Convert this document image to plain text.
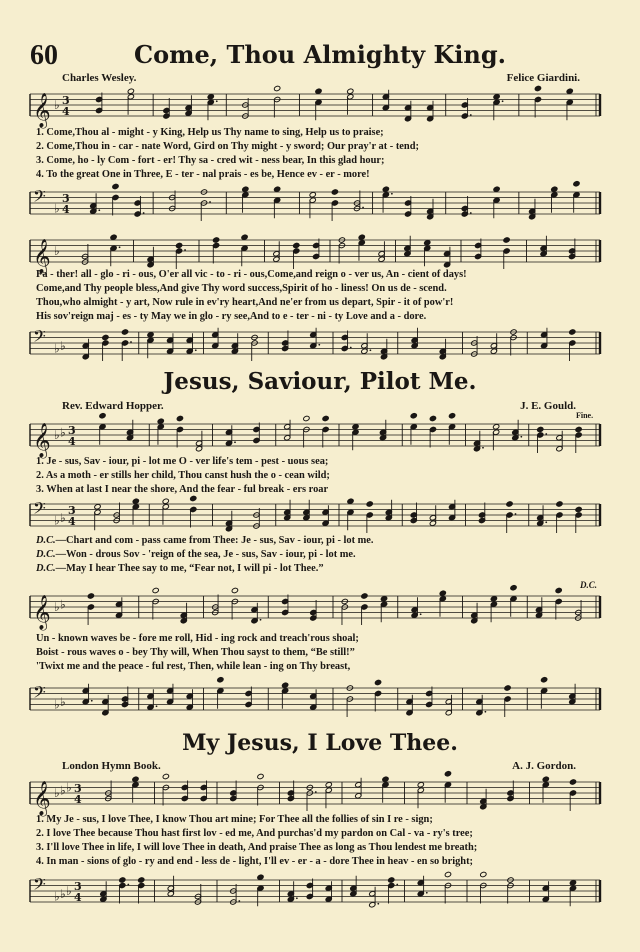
60	Come, Thou Almighty King.
Charles Wesley.	Felice Giardini.
𝄞 ♭ 3
4
1. Come,Thou al - might - y King, Help us Thy name to sing, Help us to praise;
2. Come,Thou in - car - nate Word, Gird on Thy might - y sword; Our pray'r at - tend;
3. Come, ho - ly Com - fort - er! Thy sa - cred wit - ness bear, In this glad hour;
4. To the great One in Three, E - ter - nal prais - es be, Hence ev - er - more!
𝄢 ♭
3
4
𝄞 ♭
Fa - ther! all - glo - ri - ous, O'er all vic - to - ri - ous,Come,and reign o - ver us, An - cient of days!
Come,and Thy people bless,And give Thy word success,Spirit of ho - liness! On us de - scend.
Thou,who almight - y art, Now rule in ev'ry heart,And ne'er from us depart, Spir - it of pow'r!
His sov'reign maj - es - ty May we in glo - ry see,And to e - ter - ni - ty Love and a - dore.
𝄢 ♭ ♭
Jesus, Saviour, Pilot Me.
Rev. Edward Hopper.	J. E. Gould.
Fine.
𝄞 ♭ ♭ 3
4
1. Je - sus, Sav - iour, pi - lot me O - ver life's tem - pest - uous sea;
2. As a moth - er stills her child, Thou canst hush the o - cean wild;
3. When at last I near the shore, And the fear - ful break - ers roar
𝄢 ♭ ♭
3
4
D.C.—Chart and com - pass came from Thee: Je - sus, Sav - iour, pi - lot me.
D.C.—Won - drous Sov - 'reign of the sea, Je - sus, Sav - iour, pi - lot me.
D.C.—May I hear Thee say to me, “Fear not, I will pi - lot Thee.”
D.C.
𝄞 ♭ ♭
Un - known waves be - fore me roll, Hid - ing rock and treach'rous shoal;
Boist - rous waves o - bey Thy will, When Thou sayst to them, “Be still!”
'Twixt me and the peace - ful rest, Then, while lean - ing on Thy breast,
𝄢 ♭ ♭
My Jesus, I Love Thee.
London Hymn Book.	A. J. Gordon.
𝄞 ♭ ♭ ♭ 3
4
1. My Je - sus, I love Thee, I know Thou art mine; For Thee all the follies of sin I re - sign;
2. I love Thee because Thou hast first lov - ed me, And purchas'd my pardon on Cal - va - ry's tree;
3. I'll love Thee in life, I will love Thee in death, And praise Thee as long as Thou lendest me breath;
4. In man - sions of glo - ry and end - less de - light, I'll ev - er - a - dore Thee in heav - en so bright;
𝄢 ♭ ♭ ♭ 3
4
